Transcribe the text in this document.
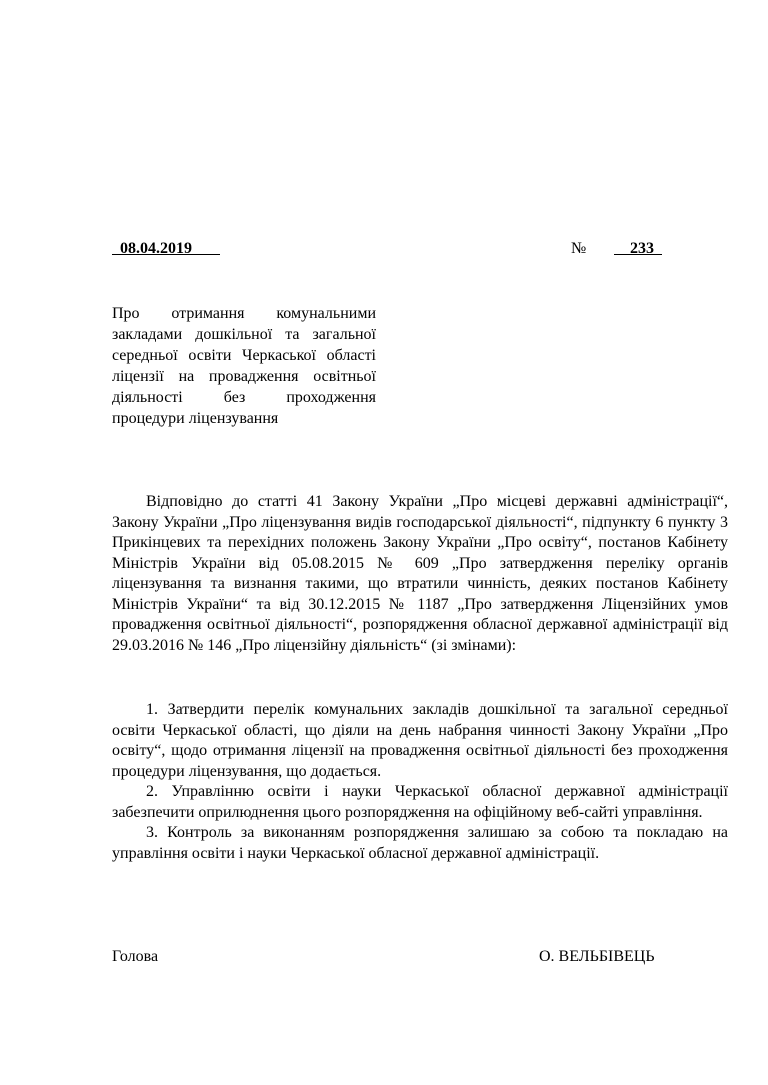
08.04.2019	№ 233
Про отримання комунальними закладами дошкільної та загальної середньої освіти Черкаської області ліцензії на провадження освітньої діяльності без проходження процедури ліцензування

Відповідно до статті 41 Закону України „Про місцеві державні адміністрації“, Закону України „Про ліцензування видів господарської діяльності“, підпункту 6 пункту 3 Прикінцевих та перехідних положень Закону України „Про освіту“, постанов Кабінету Міністрів України від 05.08.2015 № 609 „Про затвердження переліку органів ліцензування та визнання такими, що втратили чинність, деяких постанов Кабінету Міністрів України“ та від 30.12.2015 № 1187 „Про затвердження Ліцензійних умов провадження освітньої діяльності“, розпорядження обласної державної адміністрації від 29.03.2016 № 146 „Про ліцензійну діяльність“ (зі змінами):

1. Затвердити перелік комунальних закладів дошкільної та загальної середньої освіти Черкаської області, що діяли на день набрання чинності Закону України „Про освіту“, щодо отримання ліцензії на провадження освітньої діяльності без проходження процедури ліцензування, що додається.

2. Управлінню освіти і науки Черкаської обласної державної адміністрації забезпечити оприлюднення цього розпорядження на офіційному веб-сайті управління.

3. Контроль за виконанням розпорядження залишаю за собою та покладаю на управління освіти і науки Черкаської обласної державної адміністрації.

Голова	О. ВЕЛЬБІВЕЦЬ
